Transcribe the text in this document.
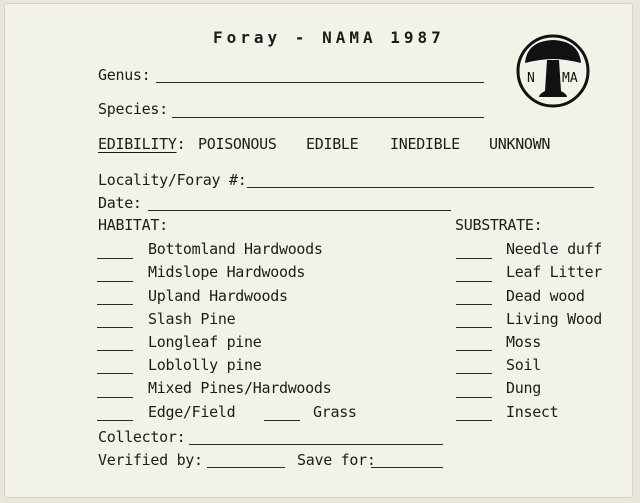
Foray - NAMA 1987
N MA
Genus:
Species:
EDIBILITY: POISONOUS EDIBLE INEDIBLE UNKNOWN
Locality/Foray #:
Date:
HABITAT:
Bottomland Hardwoods
Midslope Hardwoods
Upland Hardwoods
Slash Pine
Longleaf pine
Loblolly pine
Mixed Pines/Hardwoods
Edge/Field	Grass
SUBSTRATE:
Needle duff
Leaf Litter
Dead wood
Living Wood
Moss
Soil
Dung
Insect
Collector:
Verified by:	Save for:
